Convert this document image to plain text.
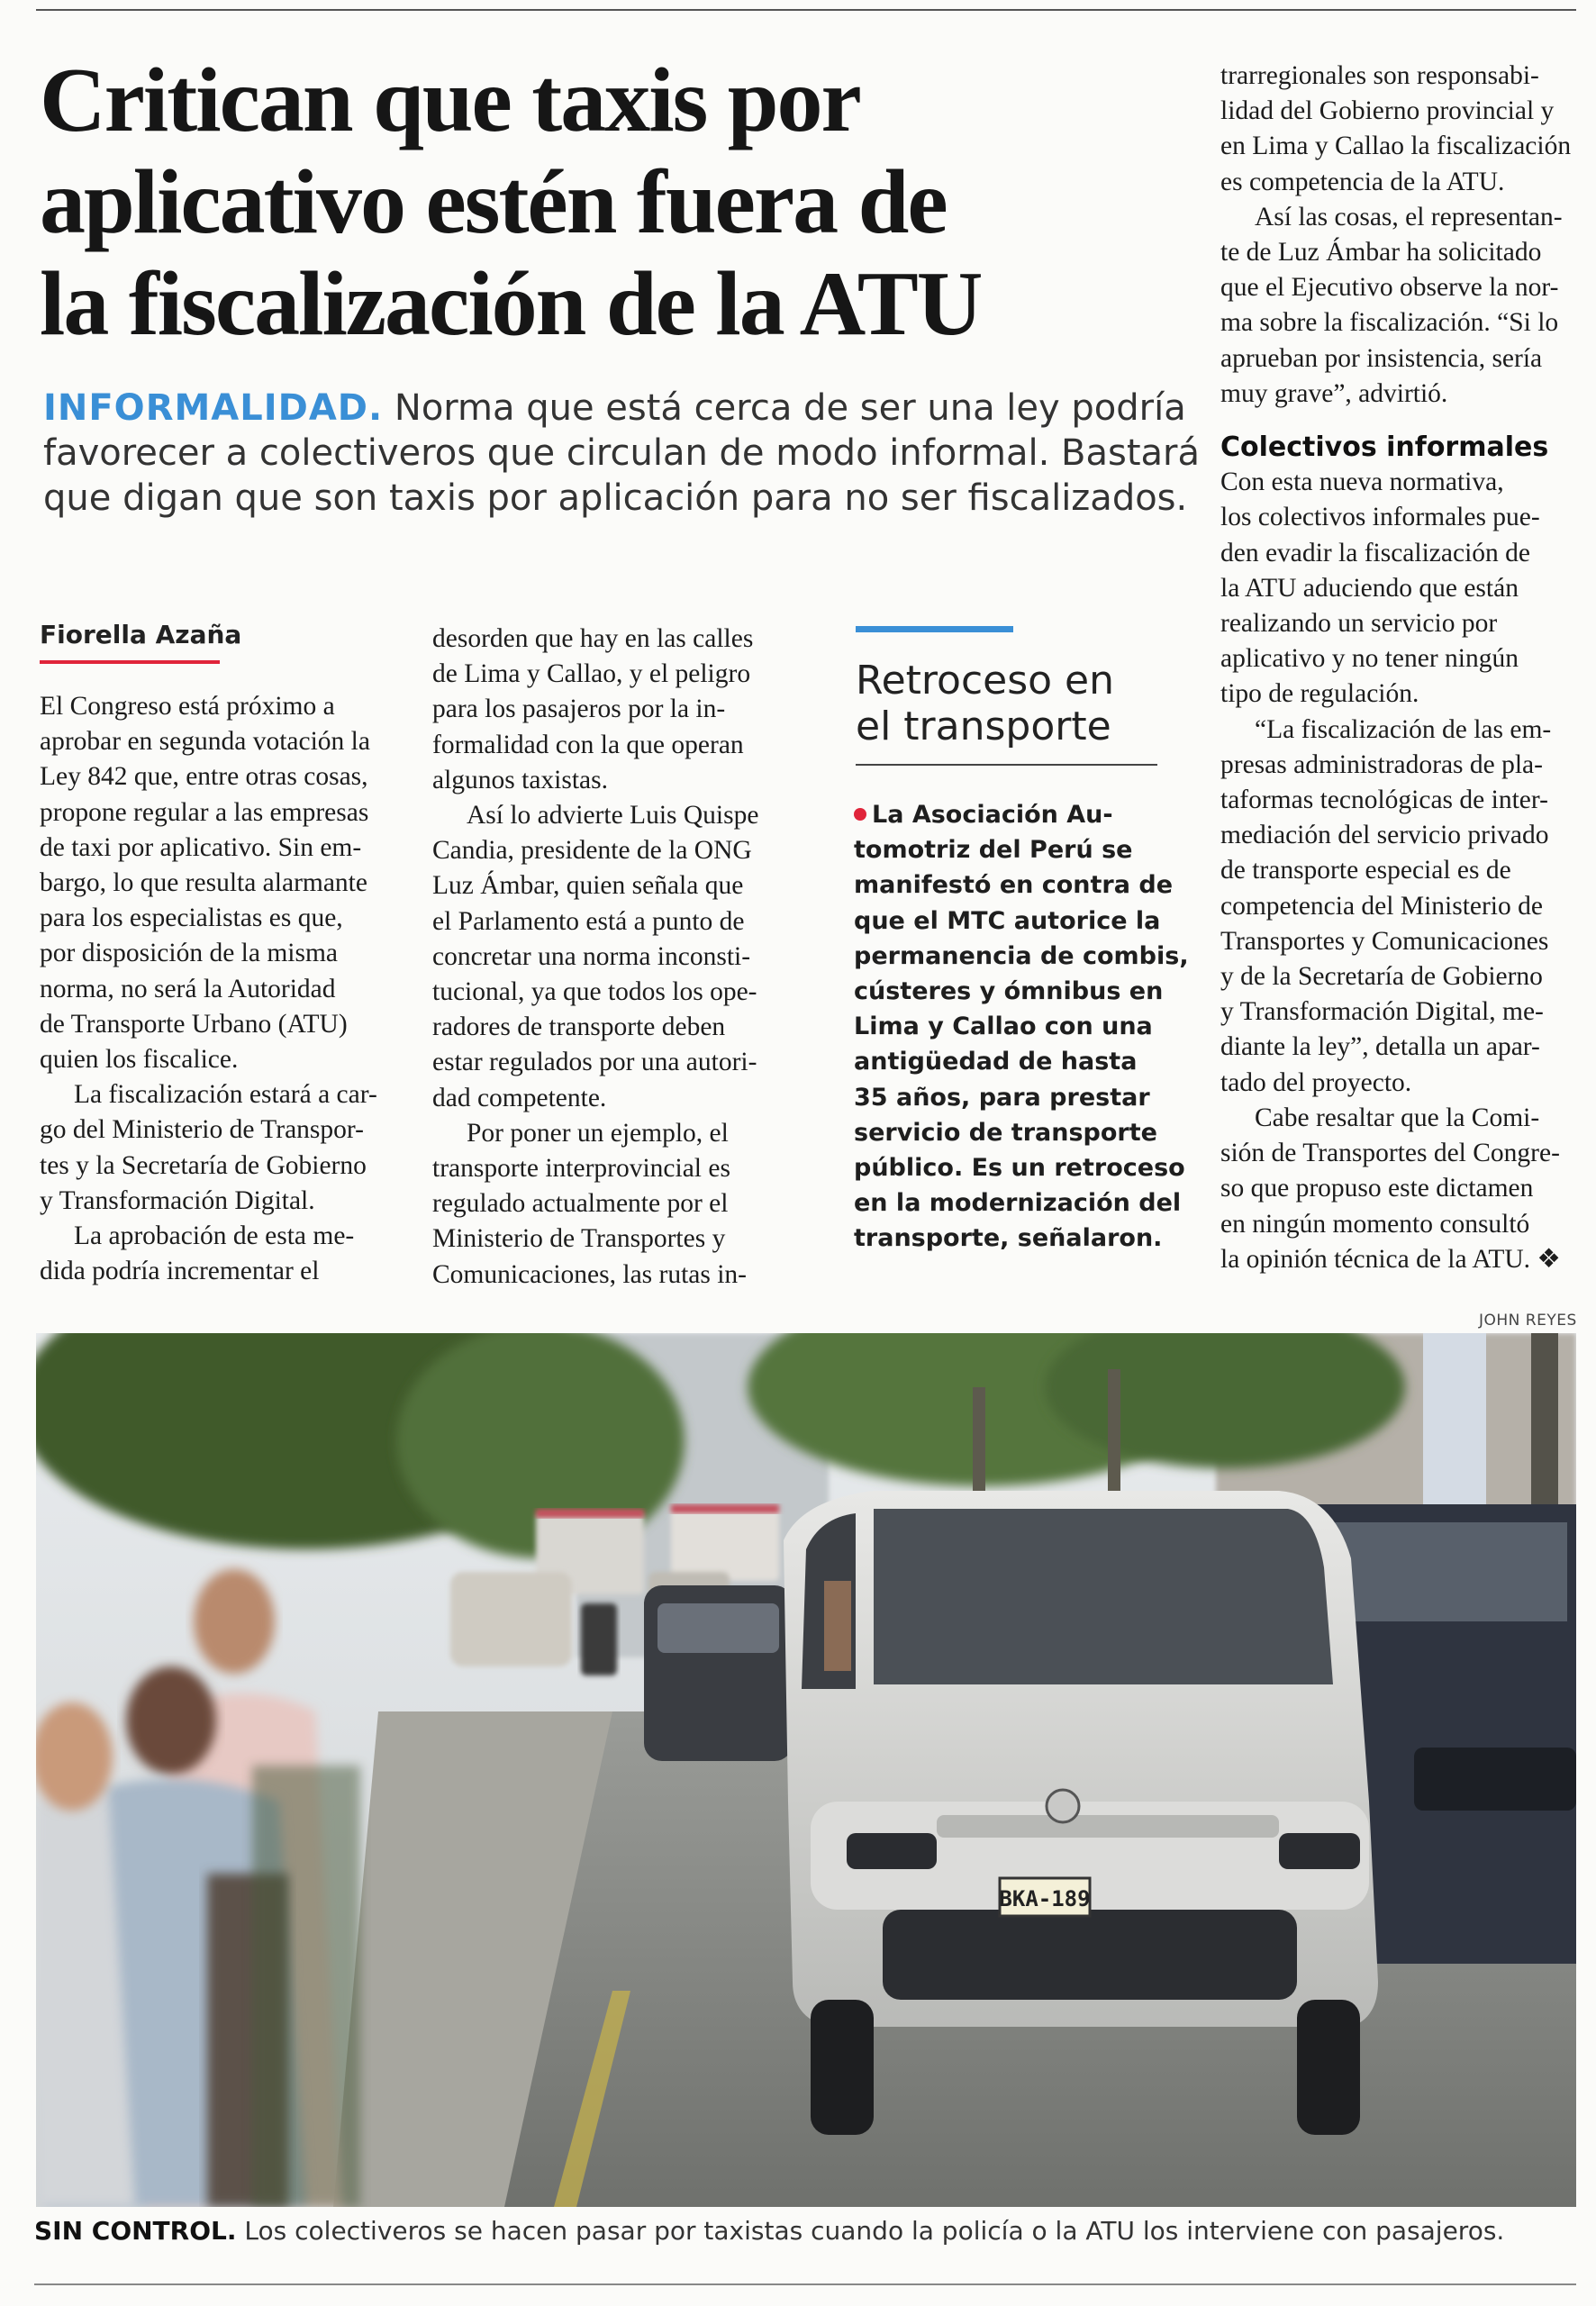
Critican que taxis por
aplicativo estén fuera de
la fiscalización de la ATU
INFORMALIDAD. Norma que está cerca de ser una ley podría
favorecer a colectiveros que circulan de modo informal. Bastará
que digan que son taxis por aplicación para no ser fiscalizados.
Fiorella Azaña
El Congreso está próximo a
aprobar en segunda votación la
Ley 842 que, entre otras cosas,
propone regular a las empresas
de taxi por aplicativo. Sin em-
bargo, lo que resulta alarmante
para los especialistas es que,
por disposición de la misma
norma, no será la Autoridad
de Transporte Urbano (ATU)
quien los fiscalice.
La fiscalización estará a car-
go del Ministerio de Transpor-
tes y la Secretaría de Gobierno
y Transformación Digital.
La aprobación de esta me-
dida podría incrementar el
desorden que hay en las calles
de Lima y Callao, y el peligro
para los pasajeros por la in-
formalidad con la que operan
algunos taxistas.
Así lo advierte Luis Quispe
Candia, presidente de la ONG
Luz Ámbar, quien señala que
el Parlamento está a punto de
concretar una norma inconsti-
tucional, ya que todos los ope-
radores de transporte deben
estar regulados por una autori-
dad competente.
Por poner un ejemplo, el
transporte interprovincial es
regulado actualmente por el
Ministerio de Transportes y
Comunicaciones, las rutas in-
Retroceso en
el transporte
La Asociación Au-
tomotriz del Perú se
manifestó en contra de
que el MTC autorice la
permanencia de combis,
cústeres y ómnibus en
Lima y Callao con una
antigüedad de hasta
35 años, para prestar
servicio de transporte
público. Es un retroceso
en la modernización del
transporte, señalaron.
trarregionales son responsabi-
lidad del Gobierno provincial y
en Lima y Callao la fiscalización
es competencia de la ATU.
Así las cosas, el representan-
te de Luz Ámbar ha solicitado
que el Ejecutivo observe la nor-
ma sobre la fiscalización. “Si lo
aprueban por insistencia, sería
muy grave”, advirtió.
Colectivos informales
Con esta nueva normativa,
los colectivos informales pue-
den evadir la fiscalización de
la ATU aduciendo que están
realizando un servicio por
aplicativo y no tener ningún
tipo de regulación.
“La fiscalización de las em-
presas administradoras de pla-
taformas tecnológicas de inter-
mediación del servicio privado
de transporte especial es de
competencia del Ministerio de
Transportes y Comunicaciones
y de la Secretaría de Gobierno
y Transformación Digital, me-
diante la ley”, detalla un apar-
tado del proyecto.
Cabe resaltar que la Comi-
sión de Transportes del Congre-
so que propuso este dictamen
en ningún momento consultó
la opinión técnica de la ATU. ❖
JOHN REYES
BKA-189
SIN CONTROL. Los colectiveros se hacen pasar por taxistas cuando la policía o la ATU los interviene con pasajeros.
